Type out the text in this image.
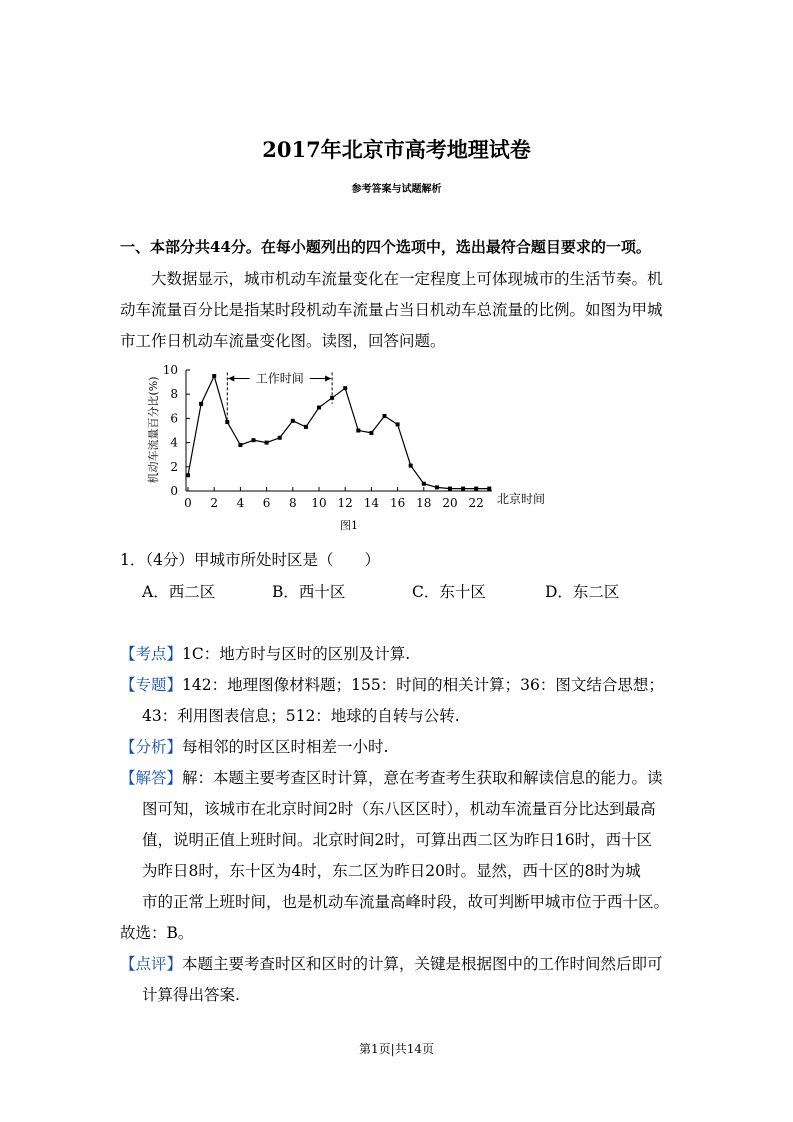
2017年北京市高考地理试卷
参考答案与试题解析
一、本部分共44分。在每小题列出的四个选项中，选出最符合题目要求的一项。
大数据显示，城市机动车流量变化在一定程度上可体现城市的生活节奏。机动车流量百分比是指某时段机动车流量占当日机动车总流量的比例。如图为甲城市工作日机动车流量变化图。读图，回答问题。
机动车流量百分比(%)
0
2
4
6
8
10
0 2 4 6 8 10 12 14 16 18 20 22
工作时间
北京时间
图1
1．（4分）甲城市所处时区是（　　）
A．西二区	B．西十区	C．东十区	D．东二区
【考点】1C：地方时与区时的区别及计算.
【专题】142：地理图像材料题；155：时间的相关计算；36：图文结合思想；
43：利用图表信息；512：地球的自转与公转.
【分析】每相邻的时区区时相差一小时.
【解答】解：本题主要考查区时计算，意在考查考生获取和解读信息的能力。读
图可知，该城市在北京时间2时（东八区区时），机动车流量百分比达到最高
值，说明正值上班时间。北京时间2时，可算出西二区为昨日16时，西十区
为昨日8时，东十区为4时，东二区为昨日20时。显然，西十区的8时为城
市的正常上班时间，也是机动车流量高峰时段，故可判断甲城市位于西十区。
故选：B。
【点评】本题主要考查时区和区时的计算，关键是根据图中的工作时间然后即可
计算得出答案.
第1页|共14页
